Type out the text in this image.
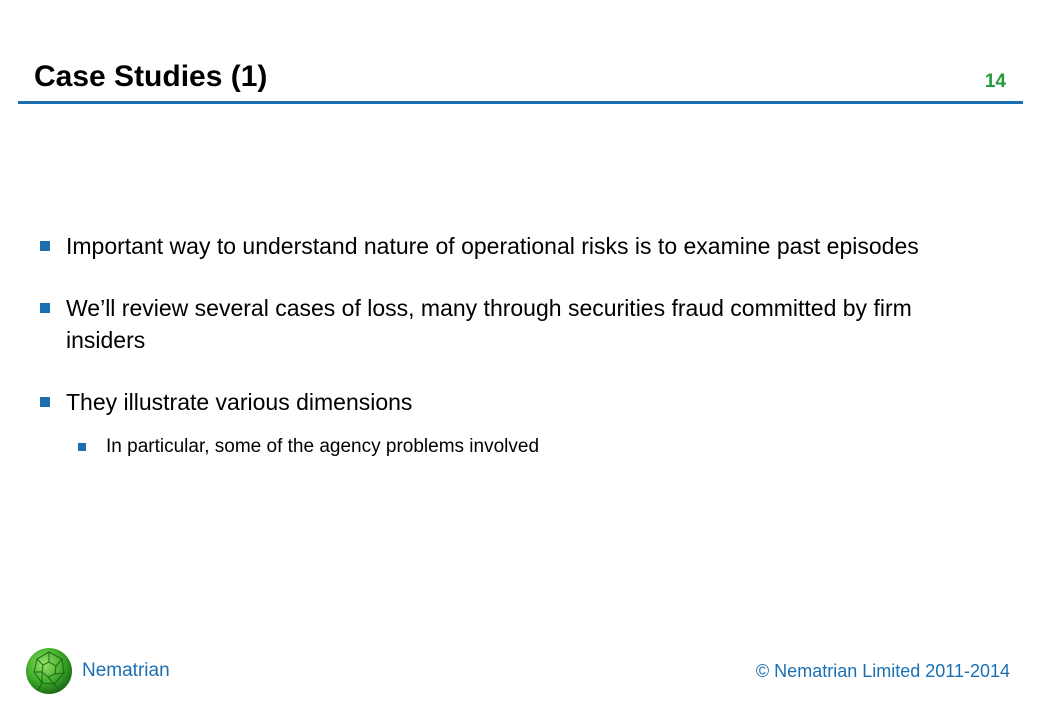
Case Studies (1)	14
Important way to understand nature of operational risks is to examine past episodes
We’ll review several cases of loss, many through securities fraud committed by firm insiders
They illustrate various dimensions
In particular, some of the agency problems involved
Nematrian	© Nematrian Limited 2011-2014
